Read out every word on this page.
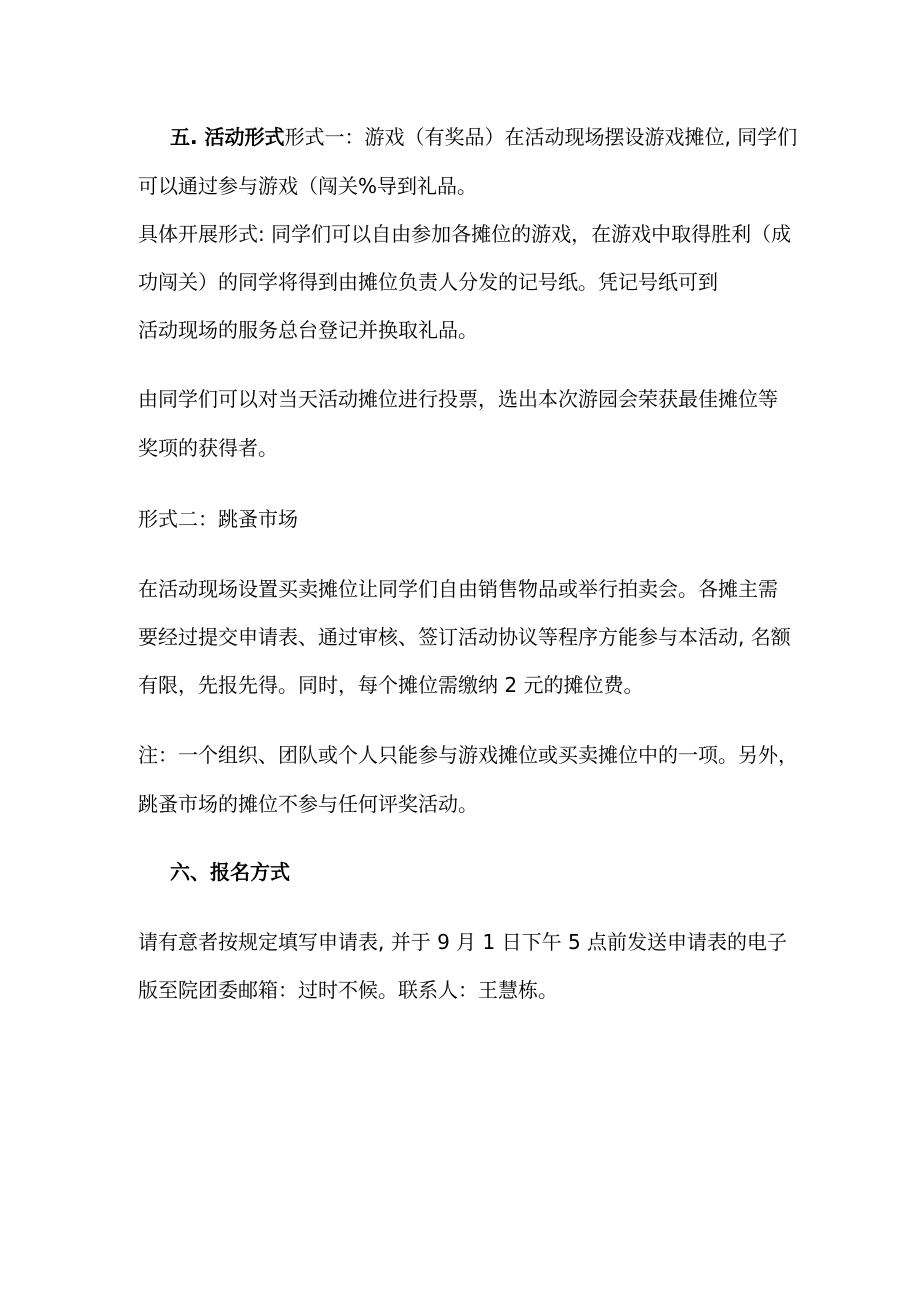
五. 活动形式形式一：游戏（有奖品）在活动现场摆设游戏摊位, 同学们
可以通过参与游戏（闯关%导到礼品。
具体开展形式: 同学们可以自由参加各摊位的游戏，在游戏中取得胜利（成
功闯关）的同学将得到由摊位负责人分发的记号纸。凭记号纸可到
活动现场的服务总台登记并换取礼品。
由同学们可以对当天活动摊位进行投票，选出本次游园会荣获最佳摊位等
奖项的获得者。
形式二：跳蚤市场
在活动现场设置买卖摊位让同学们自由销售物品或举行拍卖会。各摊主需
要经过提交申请表、通过审核、签订活动协议等程序方能参与本活动, 名额
有限，先报先得。同时，每个摊位需缴纳 2 元的摊位费。
注：一个组织、团队或个人只能参与游戏摊位或买卖摊位中的一项。另外，
跳蚤市场的摊位不参与任何评奖活动。
六、报名方式
请有意者按规定填写申请表, 并于 9 月 1 日下午 5 点前发送申请表的电子
版至院团委邮箱：过时不候。联系人：王慧栋。
